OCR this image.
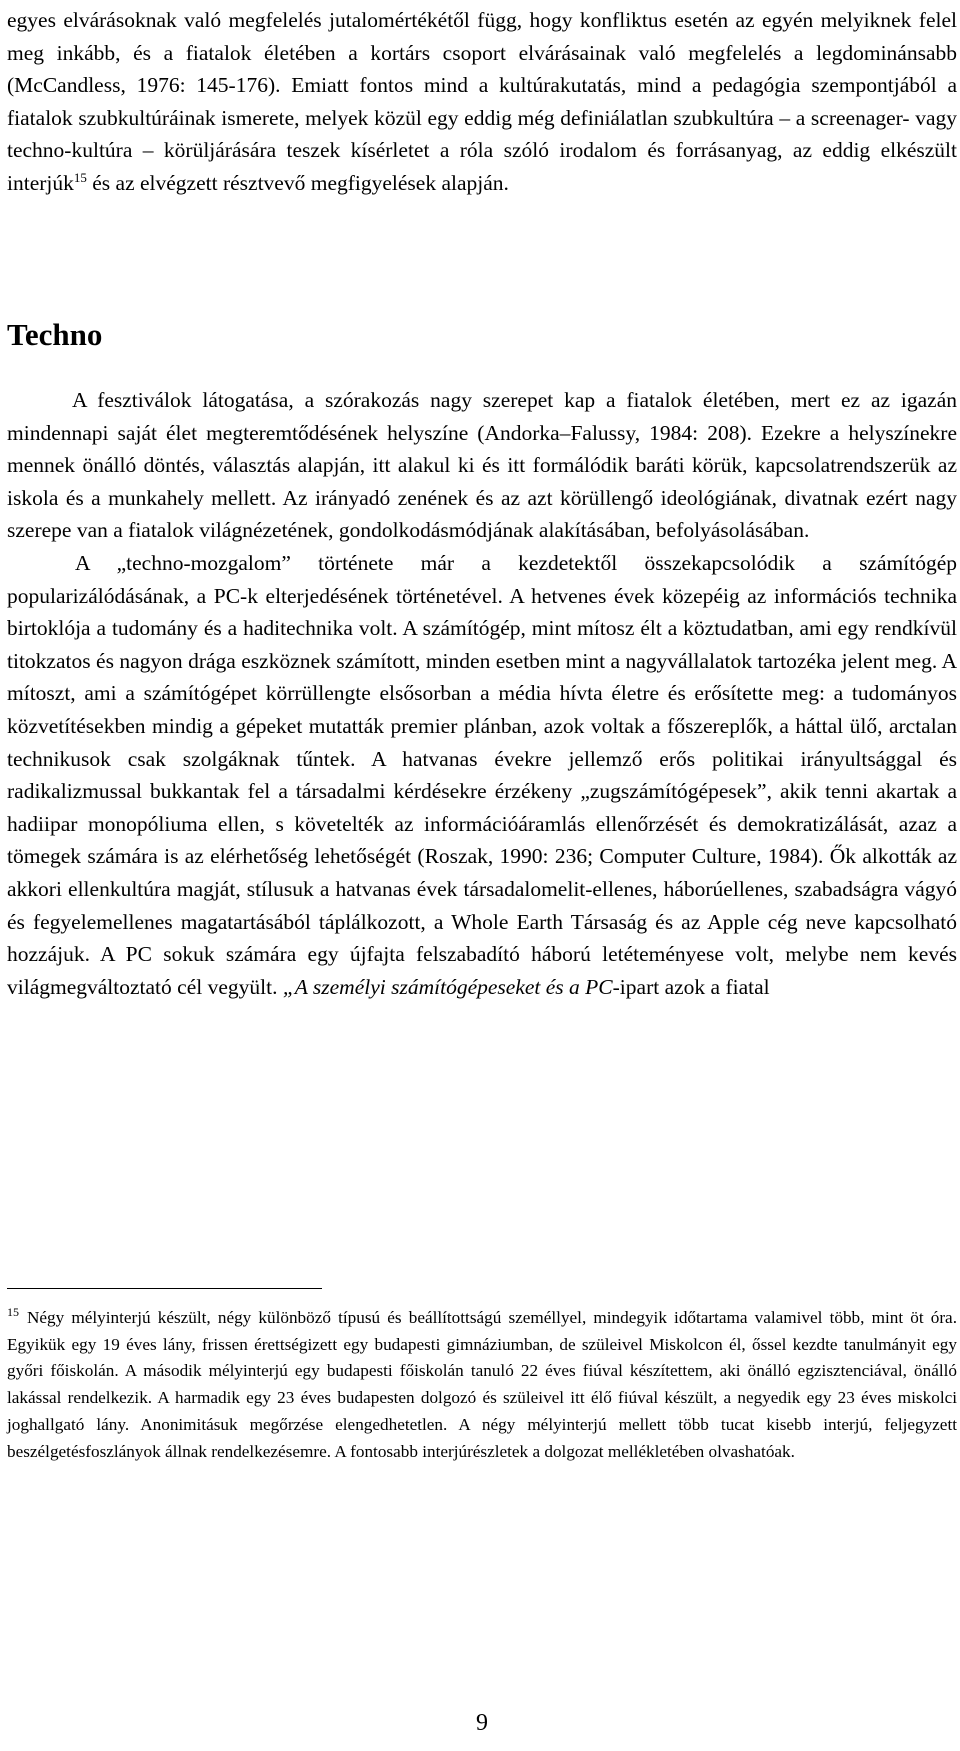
egyes elvárásoknak való megfelelés jutalomértékétől függ, hogy konfliktus esetén az egyén melyiknek felel meg inkább, és a fiatalok életében a kortárs csoport elvárásainak való megfelelés a legdominánsabb (McCandless, 1976: 145-176). Emiatt fontos mind a kultúrakutatás, mind a pedagógia szempontjából a fiatalok szubkultúráinak ismerete, melyek közül egy eddig még definiálatlan szubkultúra – a screenager- vagy techno-kultúra – körüljárására teszek kísérletet a róla szóló irodalom és forrásanyag, az eddig elkészült interjúk$^{15}$ és az elvégzett résztvevő megfigyelések alapján.

Techno

A fesztiválok látogatása, a szórakozás nagy szerepet kap a fiatalok életében, mert ez az igazán mindennapi saját élet megteremtődésének helyszíne (Andorka–Falussy, 1984: 208). Ezekre a helyszínekre mennek önálló döntés, választás alapján, itt alakul ki és itt formálódik baráti körük, kapcsolatrendszerük az iskola és a munkahely mellett. Az irányadó zenének és az azt körüllengő ideológiának, divatnak ezért nagy szerepe van a fiatalok világnézetének, gondolkodásmódjának alakításában, befolyásolásában.

A „techno-mozgalom” története már a kezdetektől összekapcsolódik a számítógép popularizálódásának, a PC-k elterjedésének történetével. A hetvenes évek közepéig az információs technika birtoklója a tudomány és a haditechnika volt. A számítógép, mint mítosz élt a köztudatban, ami egy rendkívül titokzatos és nagyon drága eszköznek számított, minden esetben mint a nagyvállalatok tartozéka jelent meg. A mítoszt, ami a számítógépet körrüllengte elsősorban a média hívta életre és erősítette meg: a tudományos közvetítésekben mindig a gépeket mutatták premier plánban, azok voltak a főszereplők, a háttal ülő, arctalan technikusok csak szolgáknak tűntek. A hatvanas évekre jellemző erős politikai irányultsággal és radikalizmussal bukkantak fel a társadalmi kérdésekre érzékeny „zugszámítógépesek”, akik tenni akartak a hadiipar monopóliuma ellen, s követelték az információáramlás ellenőrzését és demokratizálását, azaz a tömegek számára is az elérhetőség lehetőségét (Roszak, 1990: 236; Computer Culture, 1984). Ők alkották az akkori ellenkultúra magját, stílusuk a hatvanas évek társadalomelit-ellenes, háborúellenes, szabadságra vágyó és fegyelemellenes magatartásából táplálkozott, a Whole Earth Társaság és az Apple cég neve kapcsolható hozzájuk. A PC sokuk számára egy újfajta felszabadító háború letéteményese volt, melybe nem kevés világmegváltoztató cél vegyült. „A személyi számítógépeseket és a PC-ipart azok a fiatal

$^{15}$ Négy mélyinterjú készült, négy különböző típusú és beállítottságú személlyel, mindegyik időtartama valamivel több, mint öt óra. Egyikük egy 19 éves lány, frissen érettségizett egy budapesti gimnáziumban, de szüleivel Miskolcon él, őssel kezdte tanulmányit egy győri főiskolán. A második mélyinterjú egy budapesti főiskolán tanuló 22 éves fiúval készítettem, aki önálló egzisztenciával, önálló lakással rendelkezik. A harmadik egy 23 éves budapesten dolgozó és szüleivel itt élő fiúval készült, a negyedik egy 23 éves miskolci joghallgató lány. Anonimitásuk megőrzése elengedhetetlen. A négy mélyinterjú mellett több tucat kisebb interjú, feljegyzett beszélgetésfoszlányok állnak rendelkezésemre. A fontosabb interjúrészletek a dolgozat mellékletében olvashatóak.

9
